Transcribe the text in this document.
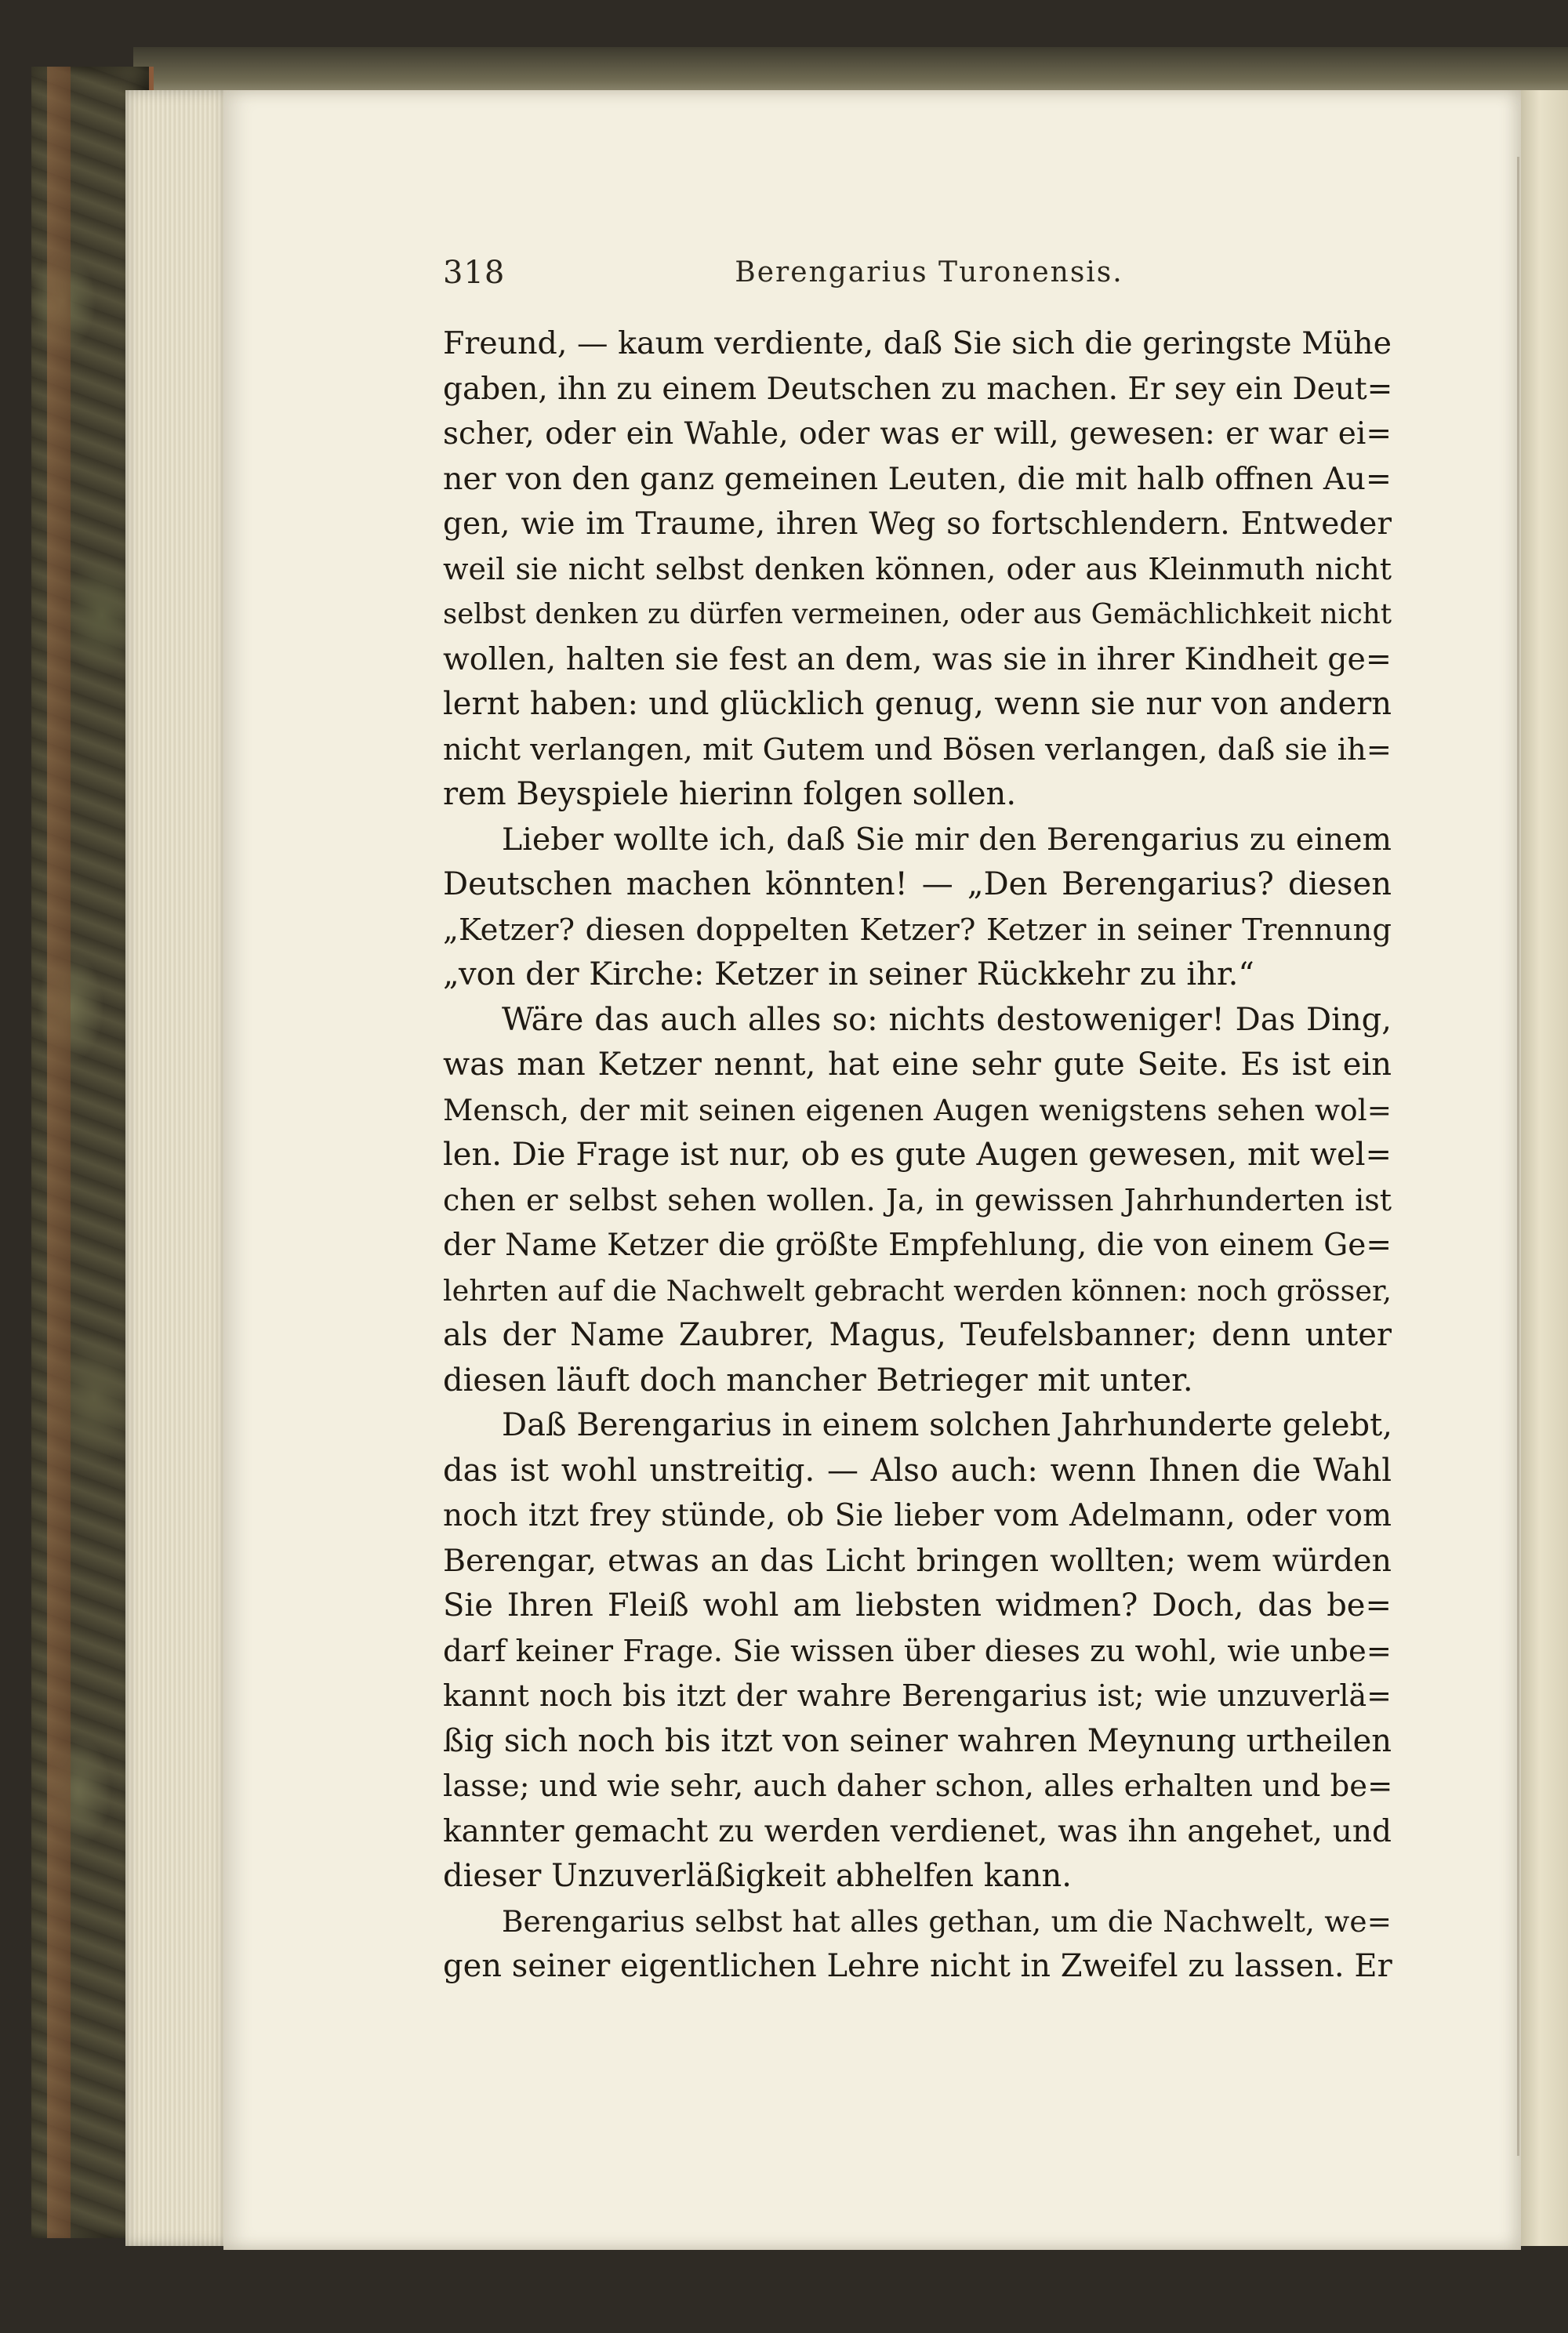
318	Berengarius Turonensis.
Freund, — kaum verdiente, daß Sie sich die geringste Mühe
gaben, ihn zu einem Deutschen zu machen. Er sey ein Deut=
scher, oder ein Wahle, oder was er will, gewesen: er war ei=
ner von den ganz gemeinen Leuten, die mit halb offnen Au=
gen, wie im Traume, ihren Weg so fortschlendern. Entweder
weil sie nicht selbst denken können, oder aus Kleinmuth nicht
selbst denken zu dürfen vermeinen, oder aus Gemächlichkeit nicht
wollen, halten sie fest an dem, was sie in ihrer Kindheit ge=
lernt haben: und glücklich genug, wenn sie nur von andern
nicht verlangen, mit Gutem und Bösen verlangen, daß sie ih=
rem Beyspiele hierinn folgen sollen.
Lieber wollte ich, daß Sie mir den Berengarius zu einem
Deutschen machen könnten! — „Den Berengarius? diesen
„Ketzer? diesen doppelten Ketzer? Ketzer in seiner Trennung
„von der Kirche: Ketzer in seiner Rückkehr zu ihr.“
Wäre das auch alles so: nichts destoweniger! Das Ding,
was man Ketzer nennt, hat eine sehr gute Seite. Es ist ein
Mensch, der mit seinen eigenen Augen wenigstens sehen wol=
len. Die Frage ist nur, ob es gute Augen gewesen, mit wel=
chen er selbst sehen wollen. Ja, in gewissen Jahrhunderten ist
der Name Ketzer die größte Empfehlung, die von einem Ge=
lehrten auf die Nachwelt gebracht werden können: noch grösser,
als der Name Zaubrer, Magus, Teufelsbanner; denn unter
diesen läuft doch mancher Betrieger mit unter.
Daß Berengarius in einem solchen Jahrhunderte gelebt,
das ist wohl unstreitig. — Also auch: wenn Ihnen die Wahl
noch itzt frey stünde, ob Sie lieber vom Adelmann, oder vom
Berengar, etwas an das Licht bringen wollten; wem würden
Sie Ihren Fleiß wohl am liebsten widmen? Doch, das be=
darf keiner Frage. Sie wissen über dieses zu wohl, wie unbe=
kannt noch bis itzt der wahre Berengarius ist; wie unzuverlä=
ßig sich noch bis itzt von seiner wahren Meynung urtheilen
lasse; und wie sehr, auch daher schon, alles erhalten und be=
kannter gemacht zu werden verdienet, was ihn angehet, und
dieser Unzuverläßigkeit abhelfen kann.
Berengarius selbst hat alles gethan, um die Nachwelt, we=
gen seiner eigentlichen Lehre nicht in Zweifel zu lassen. Er
